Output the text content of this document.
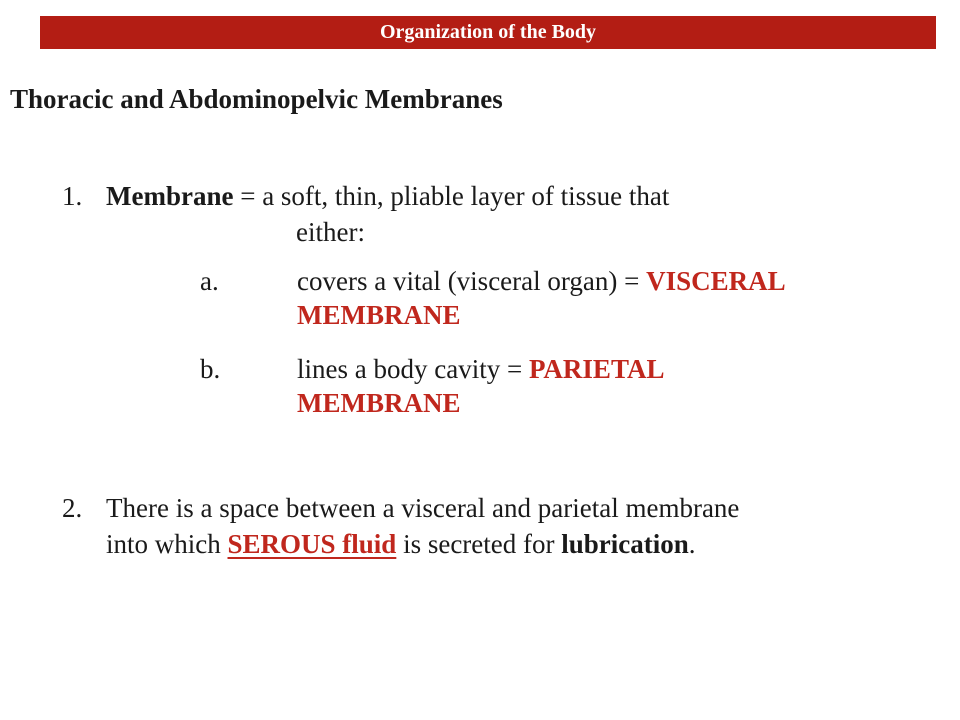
Organization of the Body
Thoracic and Abdominopelvic Membranes
1. Membrane = a soft, thin, pliable layer of tissue that
either:
a.	covers a vital (visceral organ) = VISCERAL
MEMBRANE
b.	lines a body cavity = PARIETAL
MEMBRANE
2. There is a space between a visceral and parietal membrane
into which SEROUS fluid is secreted for lubrication.
